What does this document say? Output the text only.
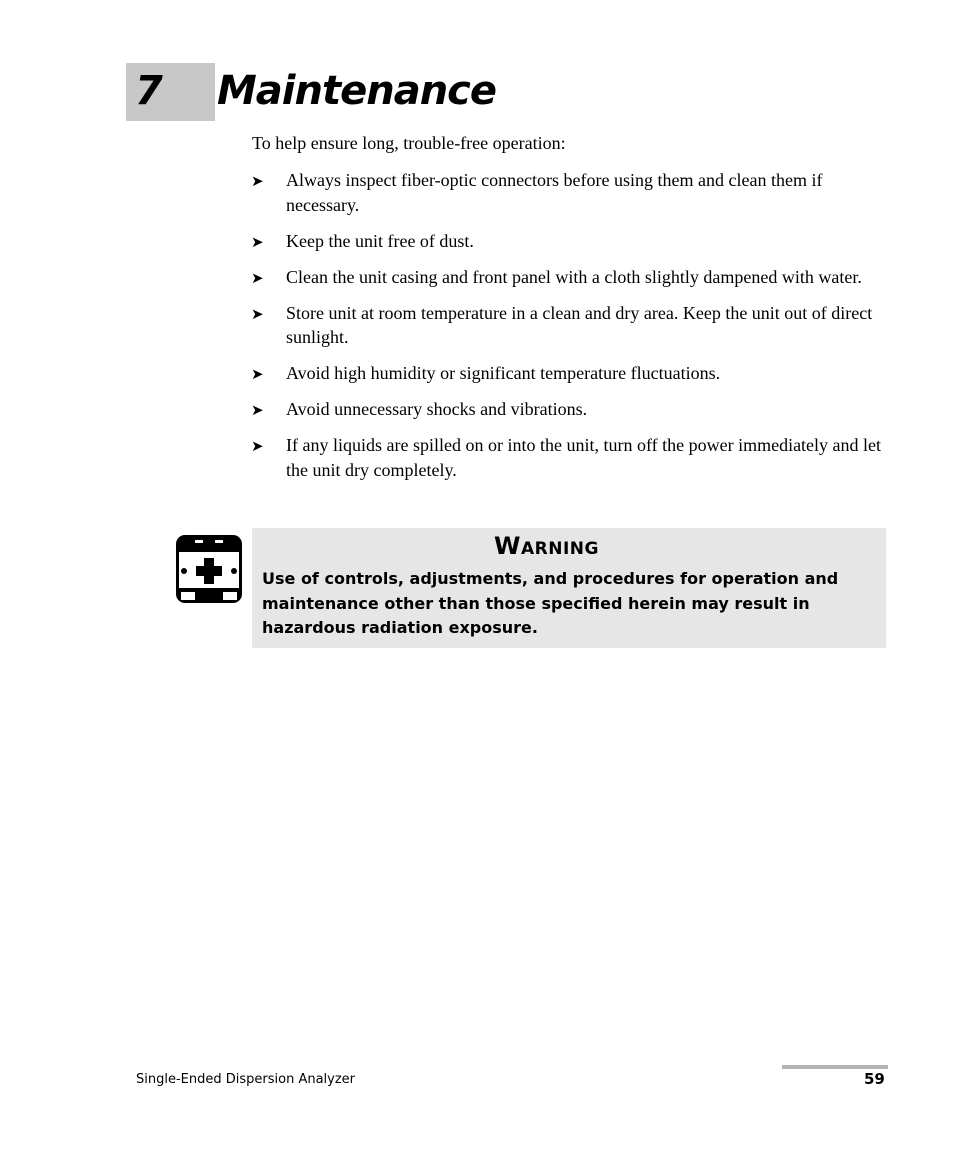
7 Maintenance

To help ensure long, trouble-free operation:

➤ Always inspect fiber-optic connectors before using them and clean them if necessary.
➤ Keep the unit free of dust.
➤ Clean the unit casing and front panel with a cloth slightly dampened with water.
➤ Store unit at room temperature in a clean and dry area. Keep the unit out of direct sunlight.
➤ Avoid high humidity or significant temperature fluctuations.
➤ Avoid unnecessary shocks and vibrations.
➤ If any liquids are spilled on or into the unit, turn off the power immediately and let the unit dry completely.
Warning

Use of controls, adjustments, and procedures for operation and maintenance other than those specified herein may result in hazardous radiation exposure.

Single-Ended Dispersion Analyzer	59
